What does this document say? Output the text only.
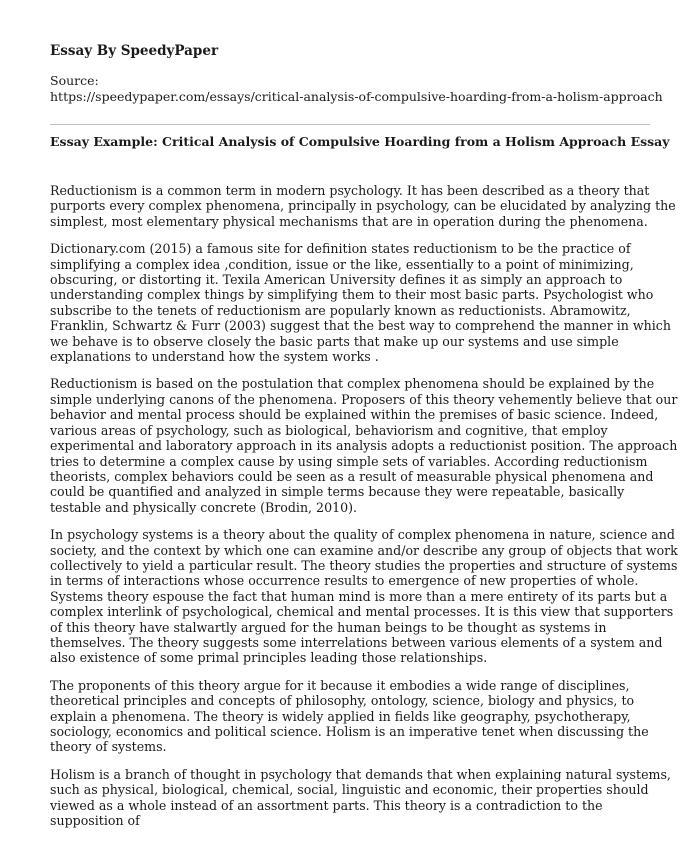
Essay By SpeedyPaper
Source:
https://speedypaper.com/essays/critical-analysis-of-compulsive-hoarding-from-a-holism-approach
Essay Example: Critical Analysis of Compulsive Hoarding from a Holism Approach Essay

Reductionism is a common term in modern psychology. It has been described as a theory that purports every complex phenomena, principally in psychology, can be elucidated by analyzing the simplest, most elementary physical mechanisms that are in operation during the phenomena.

Dictionary.com (2015) a famous site for definition states reductionism to be the practice of simplifying a complex idea ,condition, issue or the like, essentially to a point of minimizing, obscuring, or distorting it. Texila American University defines it as simply an approach to understanding complex things by simplifying them to their most basic parts. Psychologist who subscribe to the tenets of reductionism are popularly known as reductionists. Abramowitz, Franklin, Schwartz & Furr (2003) suggest that the best way to comprehend the manner in which we behave is to observe closely the basic parts that make up our systems and use simple explanations to understand how the system works .

Reductionism is based on the postulation that complex phenomena should be explained by the simple underlying canons of the phenomena. Proposers of this theory vehemently believe that our behavior and mental process should be explained within the premises of basic science. Indeed, various areas of psychology, such as biological, behaviorism and cognitive, that employ experimental and laboratory approach in its analysis adopts a reductionist position. The approach tries to determine a complex cause by using simple sets of variables. According reductionism theorists, complex behaviors could be seen as a result of measurable physical phenomena and could be quantified and analyzed in simple terms because they were repeatable, basically testable and physically concrete (Brodin, 2010).

In psychology systems is a theory about the quality of complex phenomena in nature, science and society, and the context by which one can examine and/or describe any group of objects that work collectively to yield a particular result. The theory studies the properties and structure of systems in terms of interactions whose occurrence results to emergence of new properties of whole. Systems theory espouse the fact that human mind is more than a mere entirety of its parts but a complex interlink of psychological, chemical and mental processes. It is this view that supporters of this theory have stalwartly argued for the human beings to be thought as systems in themselves. The theory suggests some interrelations between various elements of a system and also existence of some primal principles leading those relationships.

The proponents of this theory argue for it because it embodies a wide range of disciplines, theoretical principles and concepts of philosophy, ontology, science, biology and physics, to explain a phenomena. The theory is widely applied in fields like geography, psychotherapy, sociology, economics and political science. Holism is an imperative tenet when discussing the theory of systems.

Holism is a branch of thought in psychology that demands that when explaining natural systems, such as physical, biological, chemical, social, linguistic and economic, their properties should viewed as a whole instead of an assortment parts. This theory is a contradiction to the supposition of
